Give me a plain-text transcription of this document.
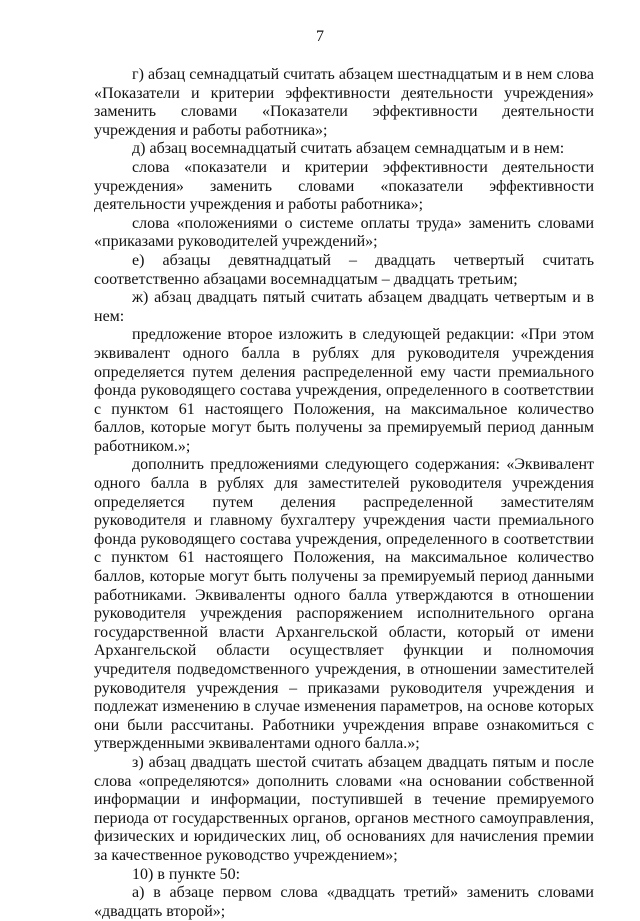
7

г) абзац семнадцатый считать абзацем шестнадцатым и в нем слова «Показатели и критерии эффективности деятельности учреждения» заменить словами «Показатели эффективности деятельности учреждения и работы работника»;

д) абзац восемнадцатый считать абзацем семнадцатым и в нем:

слова «показатели и критерии эффективности деятельности учреждения» заменить словами «показатели эффективности деятельности учреждения и работы работника»;

слова «положениями о системе оплаты труда» заменить словами «приказами руководителей учреждений»;

е) абзацы девятнадцатый – двадцать четвертый считать соответственно абзацами восемнадцатым – двадцать третьим;

ж) абзац двадцать пятый считать абзацем двадцать четвертым и в нем:

предложение второе изложить в следующей редакции: «При этом эквивалент одного балла в рублях для руководителя учреждения определяется путем деления распределенной ему части премиального фонда руководящего состава учреждения, определенного в соответствии с пунктом 61 настоящего Положения, на максимальное количество баллов, которые могут быть получены за премируемый период данным работником.»;

дополнить предложениями следующего содержания: «Эквивалент одного балла в рублях для заместителей руководителя учреждения определяется путем деления распределенной заместителям руководителя и главному бухгалтеру учреждения части премиального фонда руководящего состава учреждения, определенного в соответствии с пунктом 61 настоящего Положения, на максимальное количество баллов, которые могут быть получены за премируемый период данными работниками. Эквиваленты одного балла утверждаются в отношении руководителя учреждения распоряжением исполнительного органа государственной власти Архангельской области, который от имени Архангельской области осуществляет функции и полномочия учредителя подведомственного учреждения, в отношении заместителей руководителя учреждения – приказами руководителя учреждения и подлежат изменению в случае изменения параметров, на основе которых они были рассчитаны. Работники учреждения вправе ознакомиться с утвержденными эквивалентами одного балла.»;

з) абзац двадцать шестой считать абзацем двадцать пятым и после слова «определяются» дополнить словами «на основании собственной информации и информации, поступившей в течение премируемого периода от государственных органов, органов местного самоуправления, физических и юридических лиц, об основаниях для начисления премии за качественное руководство учреждением»;

10) в пункте 50:

а) в абзаце первом слова «двадцать третий» заменить словами «двадцать второй»;
